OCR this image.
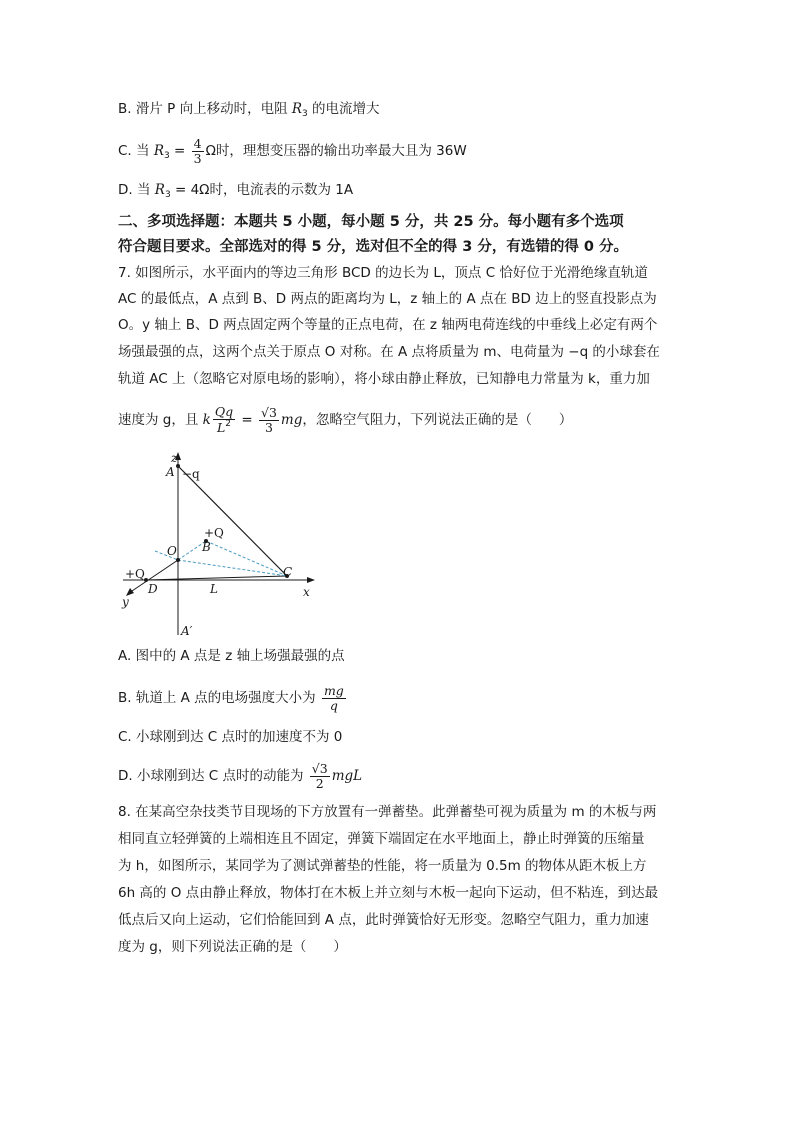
B. 滑片 P 向上移动时，电阻 $R_3$ 的电流增大
C. 当 $R_3 = \frac{4}{3}$ Ω时，理想变压器的输出功率最大且为 36W
D. 当 $R_3 = 4\Omega$时，电流表的示数为 1A
二、多项选择题：本题共 5 小题，每小题 5 分，共 25 分。每小题有多个选项
符合题目要求。全部选对的得 5 分，选对但不全的得 3 分，有选错的得 0 分。
7. 如图所示，水平面内的等边三角形 BCD 的边长为 L，顶点 C 恰好位于光滑绝缘直轨道
AC 的最低点，A 点到 B、D 两点的距离均为 L，z 轴上的 A 点在 BD 边上的竖直投影点为
O。y 轴上 B、D 两点固定两个等量的正点电荷，在 z 轴两电荷连线的中垂线上必定有两个
场强最强的点，这两个点关于原点 O 对称。在 A 点将质量为 m、电荷量为 −q 的小球套在
轨道 AC 上（忽略它对原电场的影响），将小球由静止释放，已知静电力常量为 k，重力加
速度为 g，且 k $\frac{Qq}{L^2} = \frac{√3}{3}$ mg，忽略空气阻力，下列说法正确的是（　　）
z
A −q
+Q
B
O
C
+Q
D	L	x
y
A′
A. 图中的 A 点是 z 轴上场强最强的点
B. 轨道上 A 点的电场强度大小为 $\frac{mg}{q}$
C. 小球刚到达 C 点时的加速度不为 0
D. 小球刚到达 C 点时的动能为 $\frac{√3}{2}$ mgL
8. 在某高空杂技类节目现场的下方放置有一弹蓄垫。此弹蓄垫可视为质量为 m 的木板与两
相同直立轻弹簧的上端相连且不固定，弹簧下端固定在水平地面上，静止时弹簧的压缩量
为 h，如图所示，某同学为了测试弹蓄垫的性能，将一质量为 0.5m 的物体从距木板上方
6h 高的 O 点由静止释放，物体打在木板上并立刻与木板一起向下运动，但不粘连，到达最
低点后又向上运动，它们恰能回到 A 点，此时弹簧恰好无形变。忽略空气阻力，重力加速
度为 g，则下列说法正确的是（　　）
